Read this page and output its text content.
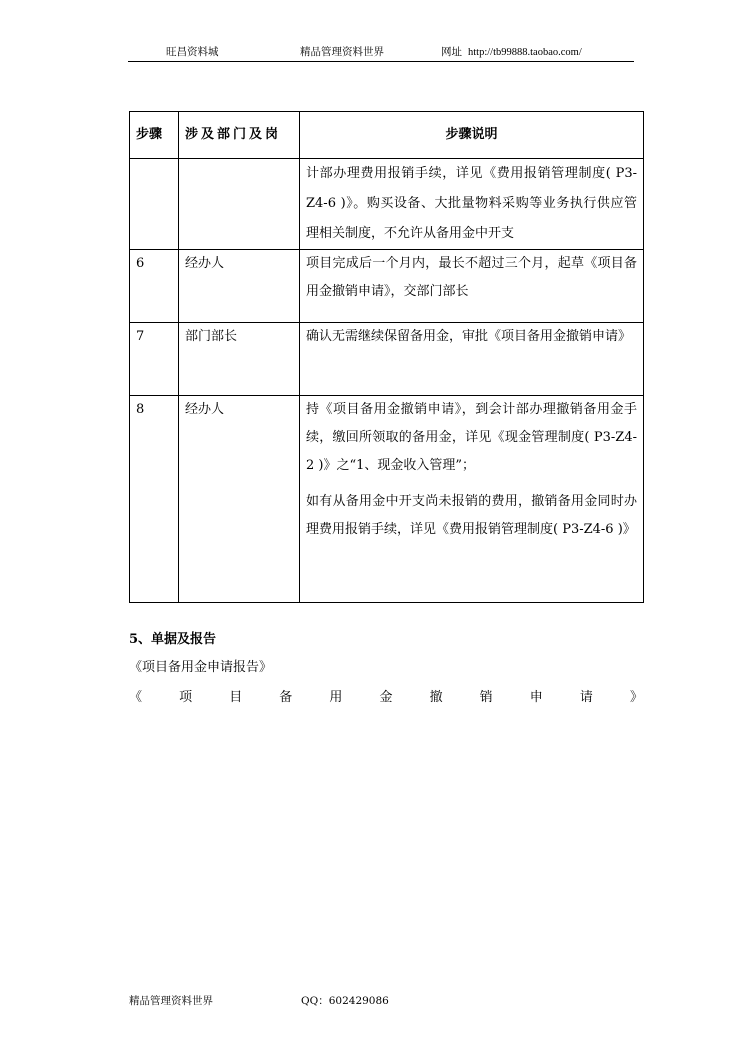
旺昌资料城	精品管理资料世界	网址 http://tb99888.taobao.com/
步骤	涉及部门及岗	步骤说明

		计部办理费用报销手续，详见《费用报销管理制度( P3-Z4-6 )》。购买设备、大批量物料采购等业务执行供应管理相关制度，不允许从备用金中开支

6	经办人	项目完成后一个月内，最长不超过三个月，起草《项目备用金撤销申请》，交部门部长

7	部门部长	确认无需继续保留备用金，审批《项目备用金撤销申请》

8	经办人	持《项目备用金撤销申请》，到会计部办理撤销备用金手续，缴回所领取的备用金，详见《现金管理制度( P3-Z4-2 )》之“1、现金收入管理”；

如有从备用金中开支尚未报销的费用，撤销备用金同时办理费用报销手续，详见《费用报销管理制度( P3-Z4-6 )》

5、单据及报告
《项目备用金申请报告》
《	项	目	备	用	金	撤	销	申	请	》
精品管理资料世界	QQ：602429086
